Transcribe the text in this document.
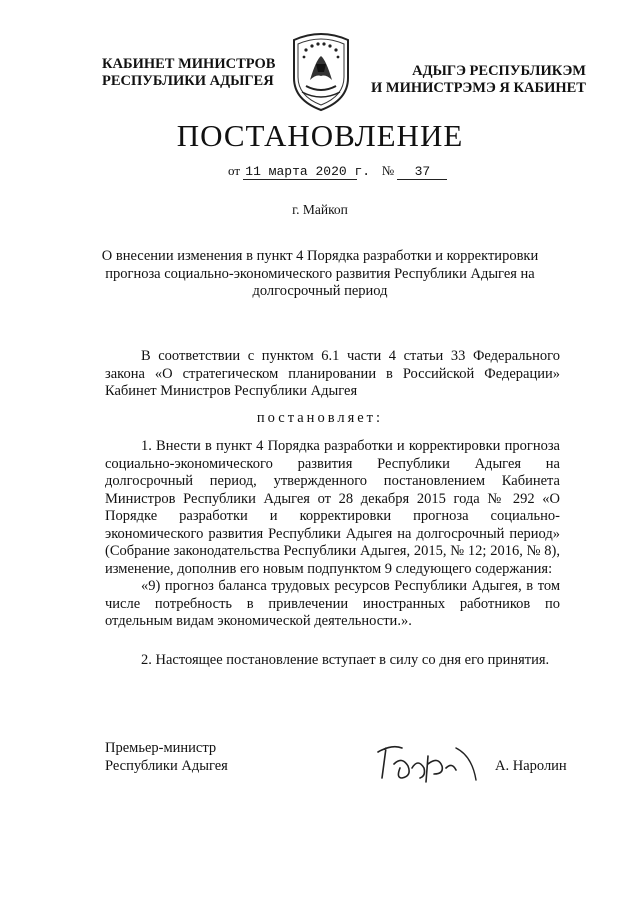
КАБИНЕТ МИНИСТРОВ
РЕСПУБЛИКИ АДЫГЕЯ
АДЫГЭ РЕСПУБЛИКЭМ
И МИНИСТРЭМЭ Я КАБИНЕТ
ПОСТАНОВЛЕНИЕ
от 11 марта 2020 г. № 37
г. Майкоп
О внесении изменения в пункт 4 Порядка разработки и корректировки прогноза социально-экономического развития Республики Адыгея на долгосрочный период

В соответствии с пунктом 6.1 части 4 статьи 33 Федерального закона «О стратегическом планировании в Российской Федерации» Кабинет Министров Республики Адыгея

постановляет:

1. Внести в пункт 4 Порядка разработки и корректировки прогноза социально-экономического развития Республики Адыгея на долгосрочный период, утвержденного постановлением Кабинета Министров Республики Адыгея от 28 декабря 2015 года № 292 «О Порядке разработки и корректировки прогноза социально-экономического развития Республики Адыгея на долгосрочный период» (Собрание законодательства Республики Адыгея, 2015, № 12; 2016, № 8), изменение, дополнив его новым подпунктом 9 следующего содержания:

«9) прогноз баланса трудовых ресурсов Республики Адыгея, в том числе потребность в привлечении иностранных работников по отдельным видам экономической деятельности.».

2. Настоящее постановление вступает в силу со дня его принятия.

Премьер-министр
Республики Адыгея	А. Наролин
